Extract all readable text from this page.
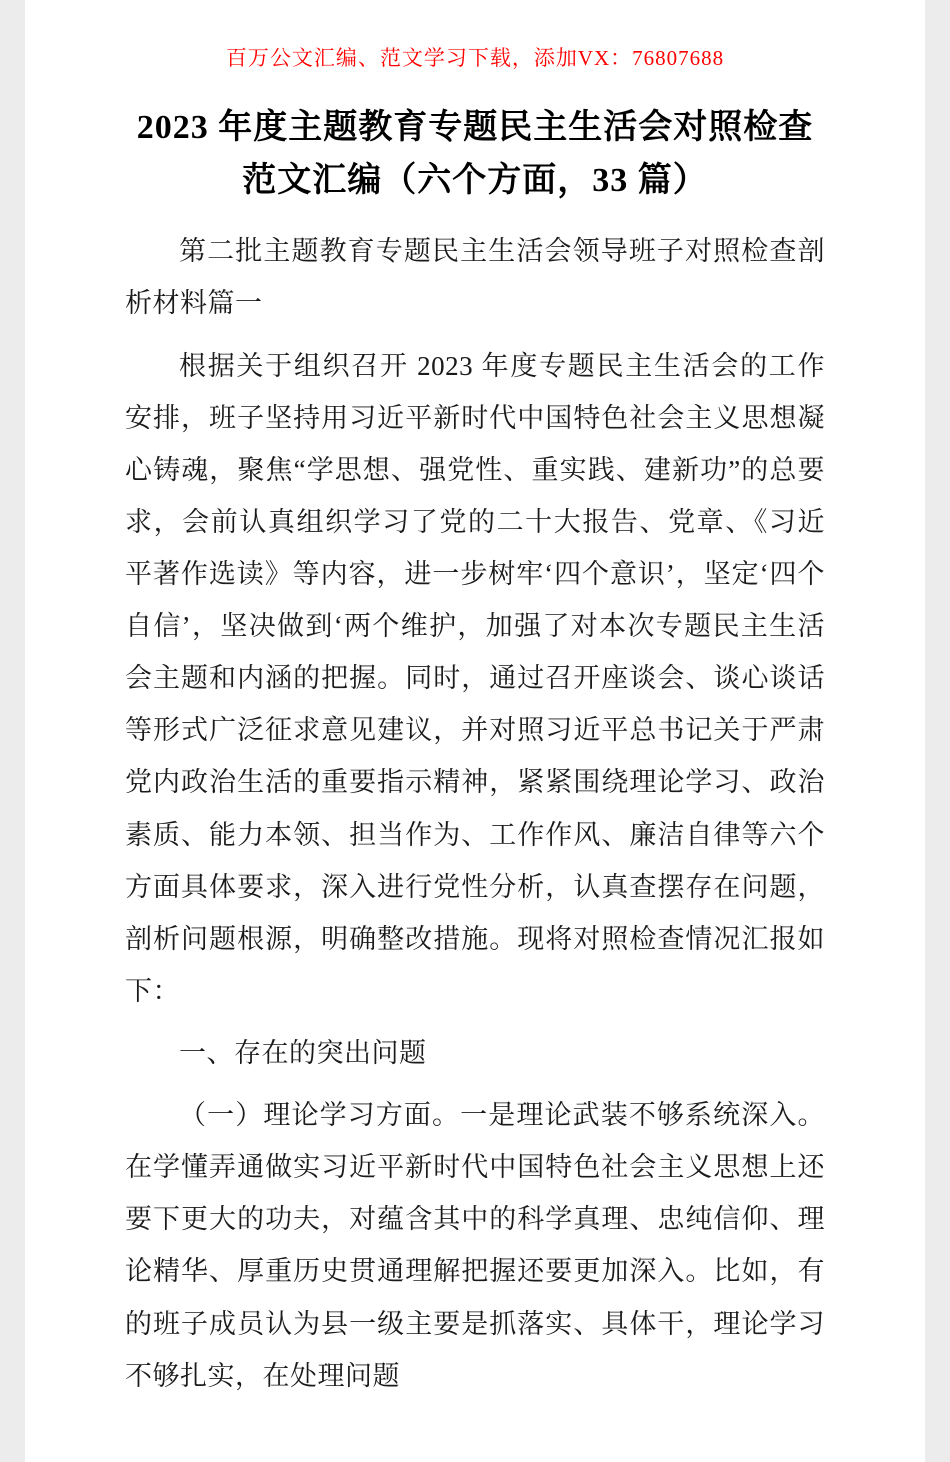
百万公文汇编、范文学习下载，添加VX：76807688
2023 年度主题教育专题民主生活会对照检查范文汇编（六个方面，33 篇）

第二批主题教育专题民主生活会领导班子对照检查剖析材料篇一

根据关于组织召开 2023 年度专题民主生活会的工作安排，班子坚持用习近平新时代中国特色社会主义思想凝心铸魂，聚焦“学思想、强党性、重实践、建新功”的总要求，会前认真组织学习了党的二十大报告、党章、《习近平著作选读》等内容，进一步树牢‘四个意识’，坚定‘四个自信’，坚决做到‘两个维护，加强了对本次专题民主生活会主题和内涵的把握。同时，通过召开座谈会、谈心谈话等形式广泛征求意见建议，并对照习近平总书记关于严肃党内政治生活的重要指示精神，紧紧围绕理论学习、政治素质、能力本领、担当作为、工作作风、廉洁自律等六个方面具体要求，深入进行党性分析，认真查摆存在问题，剖析问题根源，明确整改措施。现将对照检查情况汇报如下：

一、存在的突出问题

（一）理论学习方面。一是理论武装不够系统深入。在学懂弄通做实习近平新时代中国特色社会主义思想上还要下更大的功夫，对蕴含其中的科学真理、忠纯信仰、理论精华、厚重历史贯通理解把握还要更加深入。比如，有的班子成员认为县一级主要是抓落实、具体干，理论学习不够扎实，在处理问题
